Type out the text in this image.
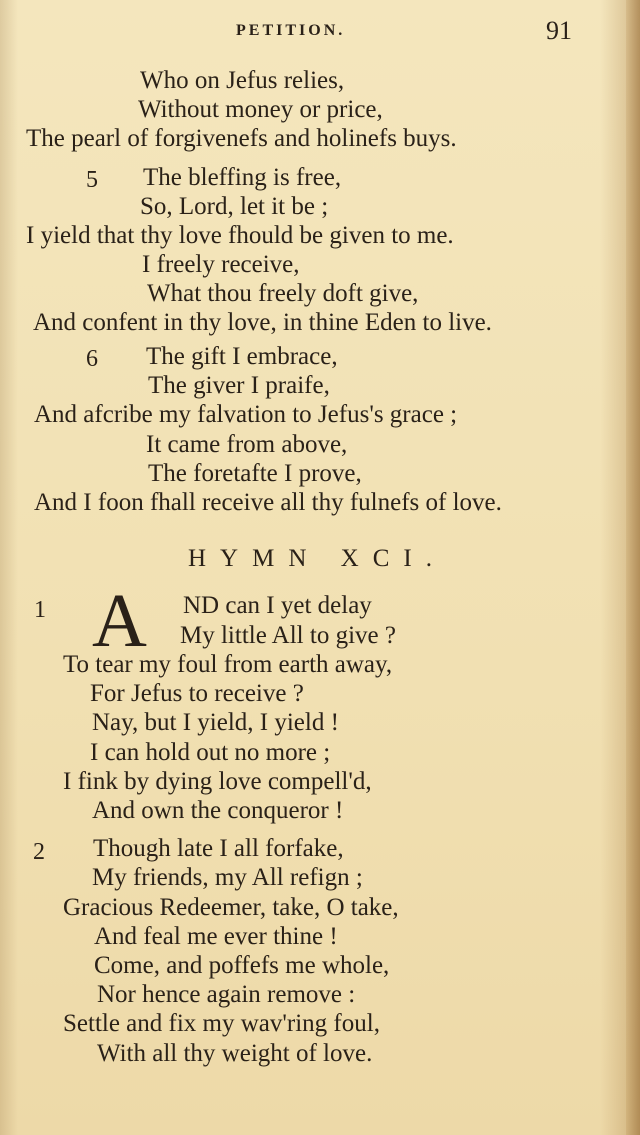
PETITION.	91
Who on Jefus relies,
Without money or price,
The pearl of forgivenefs and holinefs buys.
5 The bleffing is free,
So, Lord, let it be ;
I yield that thy love fhould be given to me.
I freely receive,
What thou freely doft give,
And confent in thy love, in thine Eden to live.
6 The gift I embrace,
The giver I praife,
And afcribe my falvation to Jefus's grace ;
It came from above,
The foretafte I prove,
And I foon fhall receive all thy fulnefs of love.
HYMN XCI.
1 A ND can I yet delay
My little All to give ?
To tear my foul from earth away,
For Jefus to receive ?
Nay, but I yield, I yield !
I can hold out no more ;
I fink by dying love compell'd,
And own the conqueror !
2 Though late I all forfake,
My friends, my All refign ;
Gracious Redeemer, take, O take,
And feal me ever thine !
Come, and poffefs me whole,
Nor hence again remove :
Settle and fix my wav'ring foul,
With all thy weight of love.
